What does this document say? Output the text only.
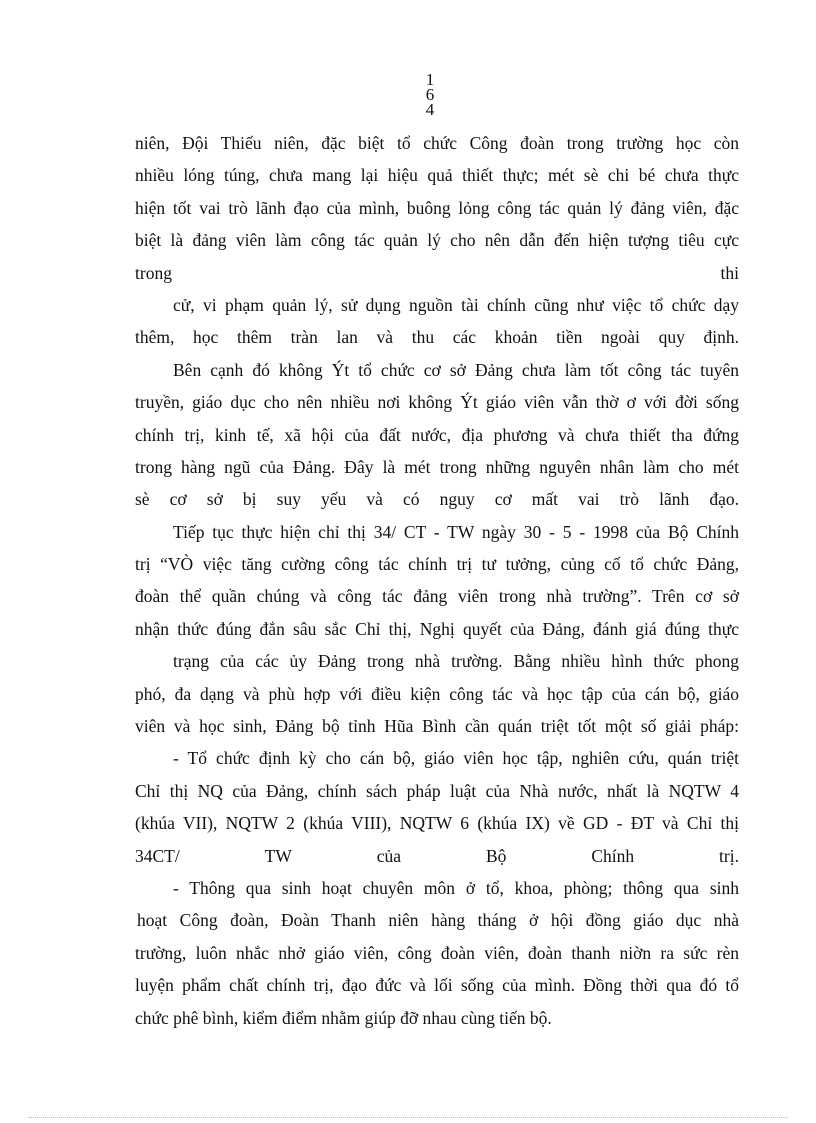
1
6
4
niên, Đội Thiếu niên, đặc biệt tổ chức Công đoàn trong trường học còn
nhiều lóng túng, chưa mang lại hiệu quả thiết thực; mét sè chi bé chưa thực
hiện tốt vai trò lãnh đạo của mình, buông lỏng công tác quản lý đảng viên, đặc
biệt là đảng viên làm công tác quản lý cho nên dẫn đến hiện tượng tiêu cực
trong	thi
cử, vi phạm quản lý, sử dụng nguồn tài chính cũng như việc tổ chức dạy
thêm, học thêm tràn lan và thu các khoản tiền ngoài quy định.
Bên cạnh đó không Ýt tổ chức cơ sở Đảng chưa làm tốt công tác tuyên
truyền, giáo dục cho nên nhiều nơi không Ýt giáo viên vẫn thờ ơ với đời sống
chính trị, kinh tế, xã hội của đất nước, địa phương và chưa thiết tha đứng
trong hàng ngũ của Đảng. Đây là mét trong những nguyên nhân làm cho mét
sè cơ sở bị suy yếu và có nguy cơ mất vai trò lãnh đạo.
Tiếp tục thực hiện chỉ thị 34/ CT - TW ngày 30 - 5 - 1998 của Bộ Chính
trị “VÒ việc tăng cường công tác chính trị tư tưởng, củng cố tổ chức Đảng,
đoàn thể quần chúng và công tác đảng viên trong nhà trường”. Trên cơ sở
nhận thức đúng đắn sâu sắc Chỉ thị, Nghị quyết của Đảng, đánh giá đúng thực
trạng của các ủy Đảng trong nhà trường. Bằng nhiều hình thức phong
phó, đa dạng và phù hợp với điều kiện công tác và học tập của cán bộ, giáo
viên và học sinh, Đảng bộ tỉnh Hũa Bình cần quán triệt tốt một số giải pháp:
- Tổ chức định kỳ cho cán bộ, giáo viên học tập, nghiên cứu, quán triệt
Chỉ thị NQ của Đảng, chính sách pháp luật của Nhà nước, nhất là NQTW 4
(khúa VII), NQTW 2 (khúa VIII), NQTW 6 (khúa IX) về GD - ĐT và Chỉ thị
34CT/	TW	của	Bộ	Chính	trị.
- Thông qua sinh hoạt chuyên môn ở tổ, khoa, phòng; thông qua sinh
hoạt Công đoàn, Đoàn Thanh niên hàng tháng ở hội đồng giáo dục nhà
trường, luôn nhắc nhở giáo viên, công đoàn viên, đoàn thanh niờn ra sức rèn
luyện phẩm chất chính trị, đạo đức và lối sống của mình. Đồng thời qua đó tổ
chức phê bình, kiểm điểm nhằm giúp đỡ nhau cùng tiến bộ.
